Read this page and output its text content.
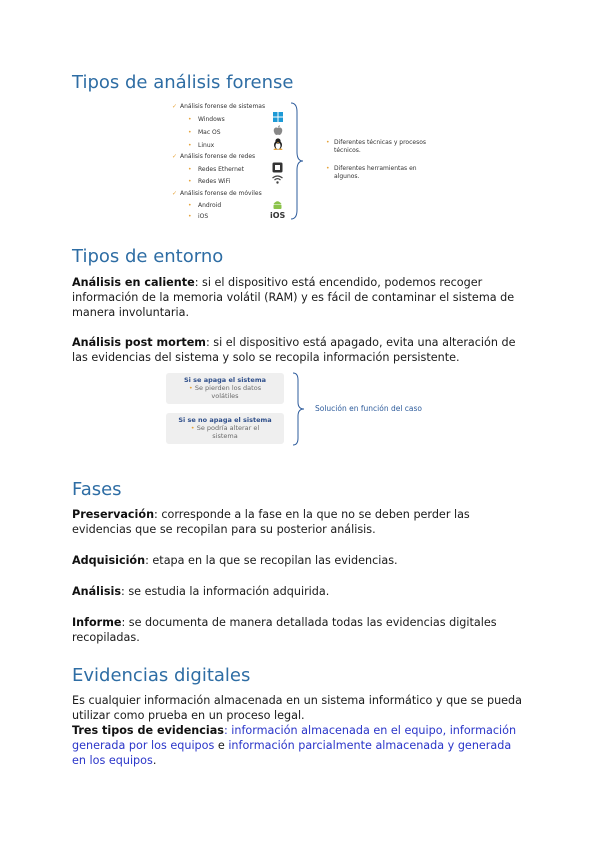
Tipos de análisis forense
✓ Análisis forense de sistemas
• Windows
• Mac OS
• Linux
✓ Análisis forense de redes
• Redes Ethernet
• Redes WiFi
✓ Análisis forense de móviles
• Android
• iOS	iOS
• Diferentes técnicas y procesos técnicos.
• Diferentes herramientas en algunos.
Tipos de entorno

Análisis en caliente: si el dispositivo está encendido, podemos recoger información de la memoria volátil (RAM) y es fácil de contaminar el sistema de manera involuntaria.

Análisis post mortem: si el dispositivo está apagado, evita una alteración de las evidencias del sistema y solo se recopila información persistente.

Si se apaga el sistema
• Se pierden los datos volátiles
Si se no apaga el sistema
• Se podría alterar el sistema
Solución en función del caso
Fases

Preservación: corresponde a la fase en la que no se deben perder las evidencias que se recopilan para su posterior análisis.

Adquisición: etapa en la que se recopilan las evidencias.

Análisis: se estudia la información adquirida.

Informe: se documenta de manera detallada todas las evidencias digitales recopiladas.

Evidencias digitales

Es cualquier información almacenada en un sistema informático y que se pueda utilizar como prueba en un proceso legal.

Tres tipos de evidencias: información almacenada en el equipo, información generada por los equipos e información parcialmente almacenada y generada en los equipos.
